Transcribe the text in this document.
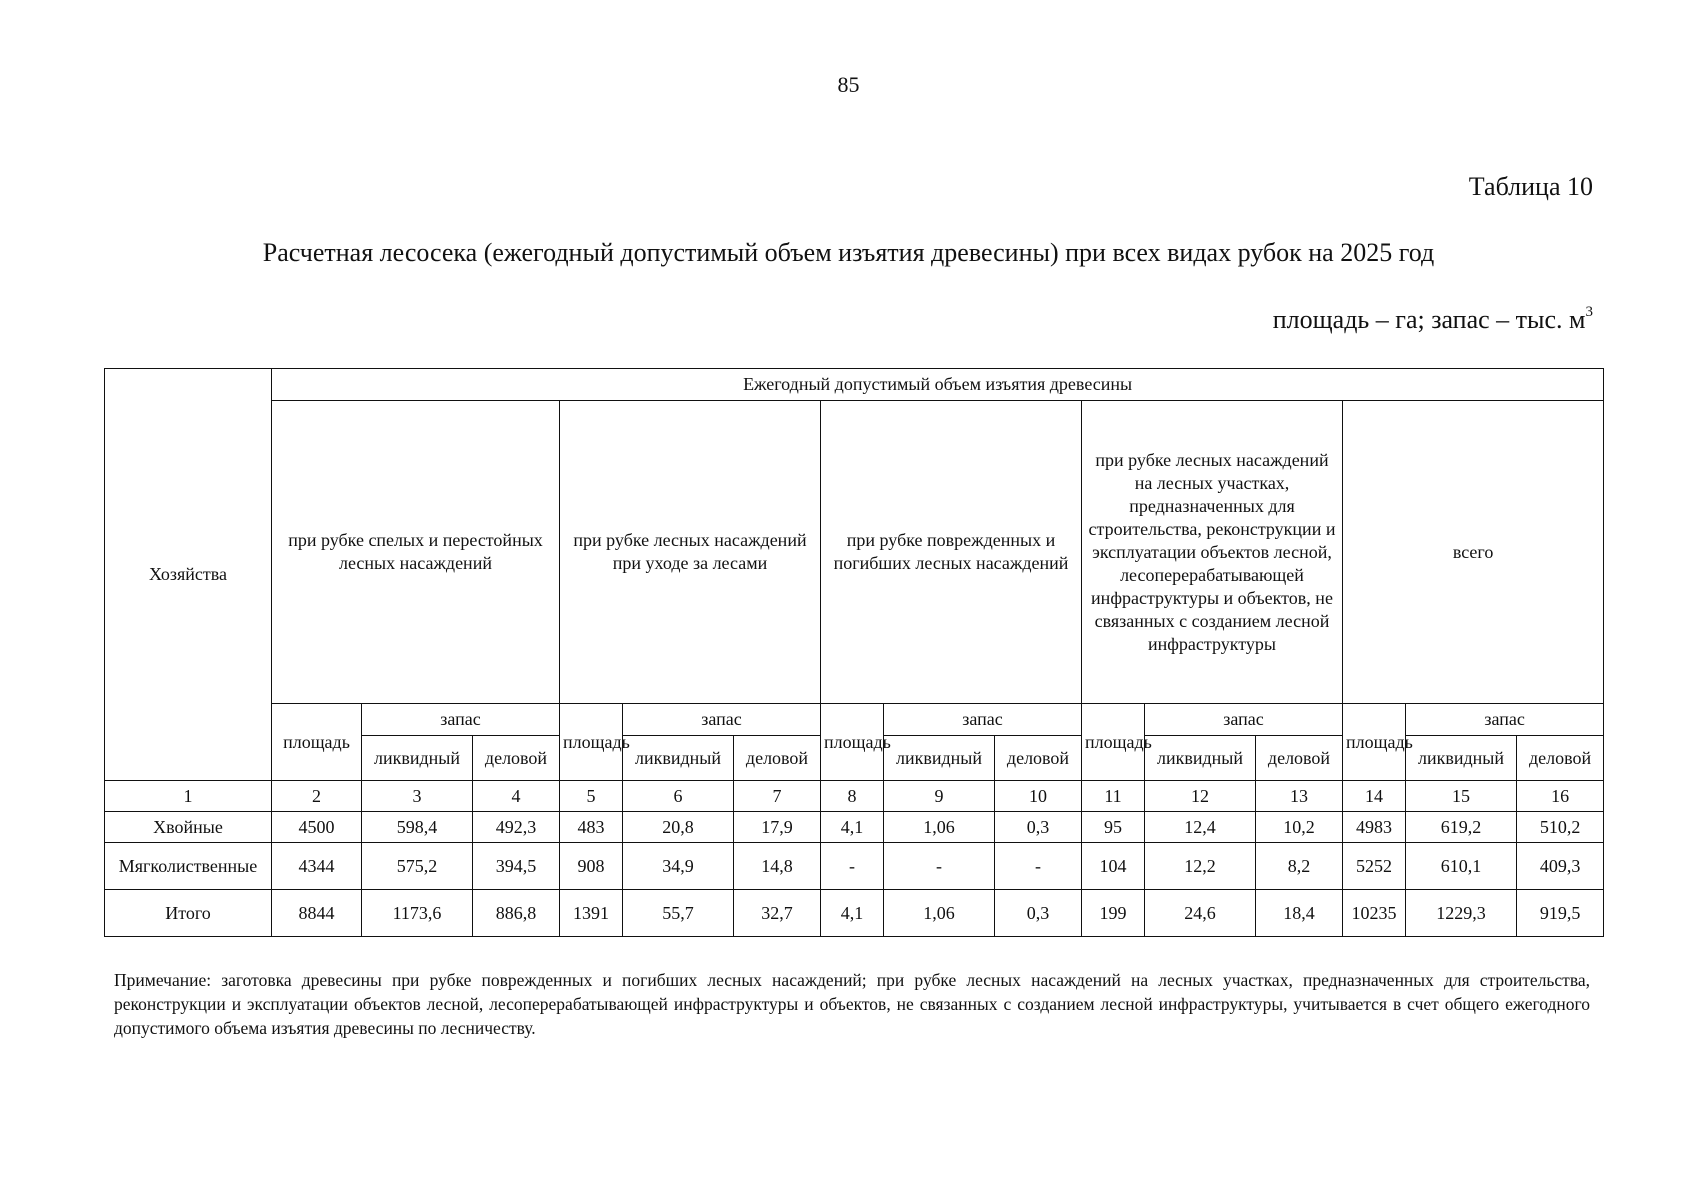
85
Таблица 10
Расчетная лесосека (ежегодный допустимый объем изъятия древесины) при всех видах рубок на 2025 год
площадь – га; запас – тыс. $м^3$
Хозяйства	Ежегодный допустимый объем изъятия древесины														
	при рубке спелых и перестойных лесных насаждений			при рубке лесных насаждений при уходе за лесами			при рубке поврежденных и погибших лесных насаждений			при рубке лесных насаждений на лесных участках, предназначенных для строительства, реконструкции и эксплуатации объектов лесной, лесоперерабатывающей инфраструктуры и объектов, не связанных с созданием лесной инфраструктуры			всего		
	площадь	запас		площадь	запас		площадь	запас		площадь	запас		площадь	запас	
		ликвидный	деловой		ликвидный	деловой		ликвидный	деловой		ликвидный	деловой		ликвидный	деловой
1	2	3	4	5	6	7	8	9	10	11	12	13	14	15	16
Хвойные	4500	598,4	492,3	483	20,8	17,9	4,1	1,06	0,3	95	12,4	10,2	4983	619,2	510,2
Мягколиственные	4344	575,2	394,5	908	34,9	14,8	-	-	-	104	12,2	8,2	5252	610,1	409,3
Итого	8844	1173,6	886,8	1391	55,7	32,7	4,1	1,06	0,3	199	24,6	18,4	10235	1229,3	919,5
Примечание: заготовка древесины при рубке поврежденных и погибших лесных насаждений; при рубке лесных насаждений на лесных участках, предназначенных для строительства, реконструкции и эксплуатации объектов лесной, лесоперерабатывающей инфраструктуры и объектов, не связанных с созданием лесной инфраструктуры, учитывается в счет общего ежегодного допустимого объема изъятия древесины по лесничеству.
